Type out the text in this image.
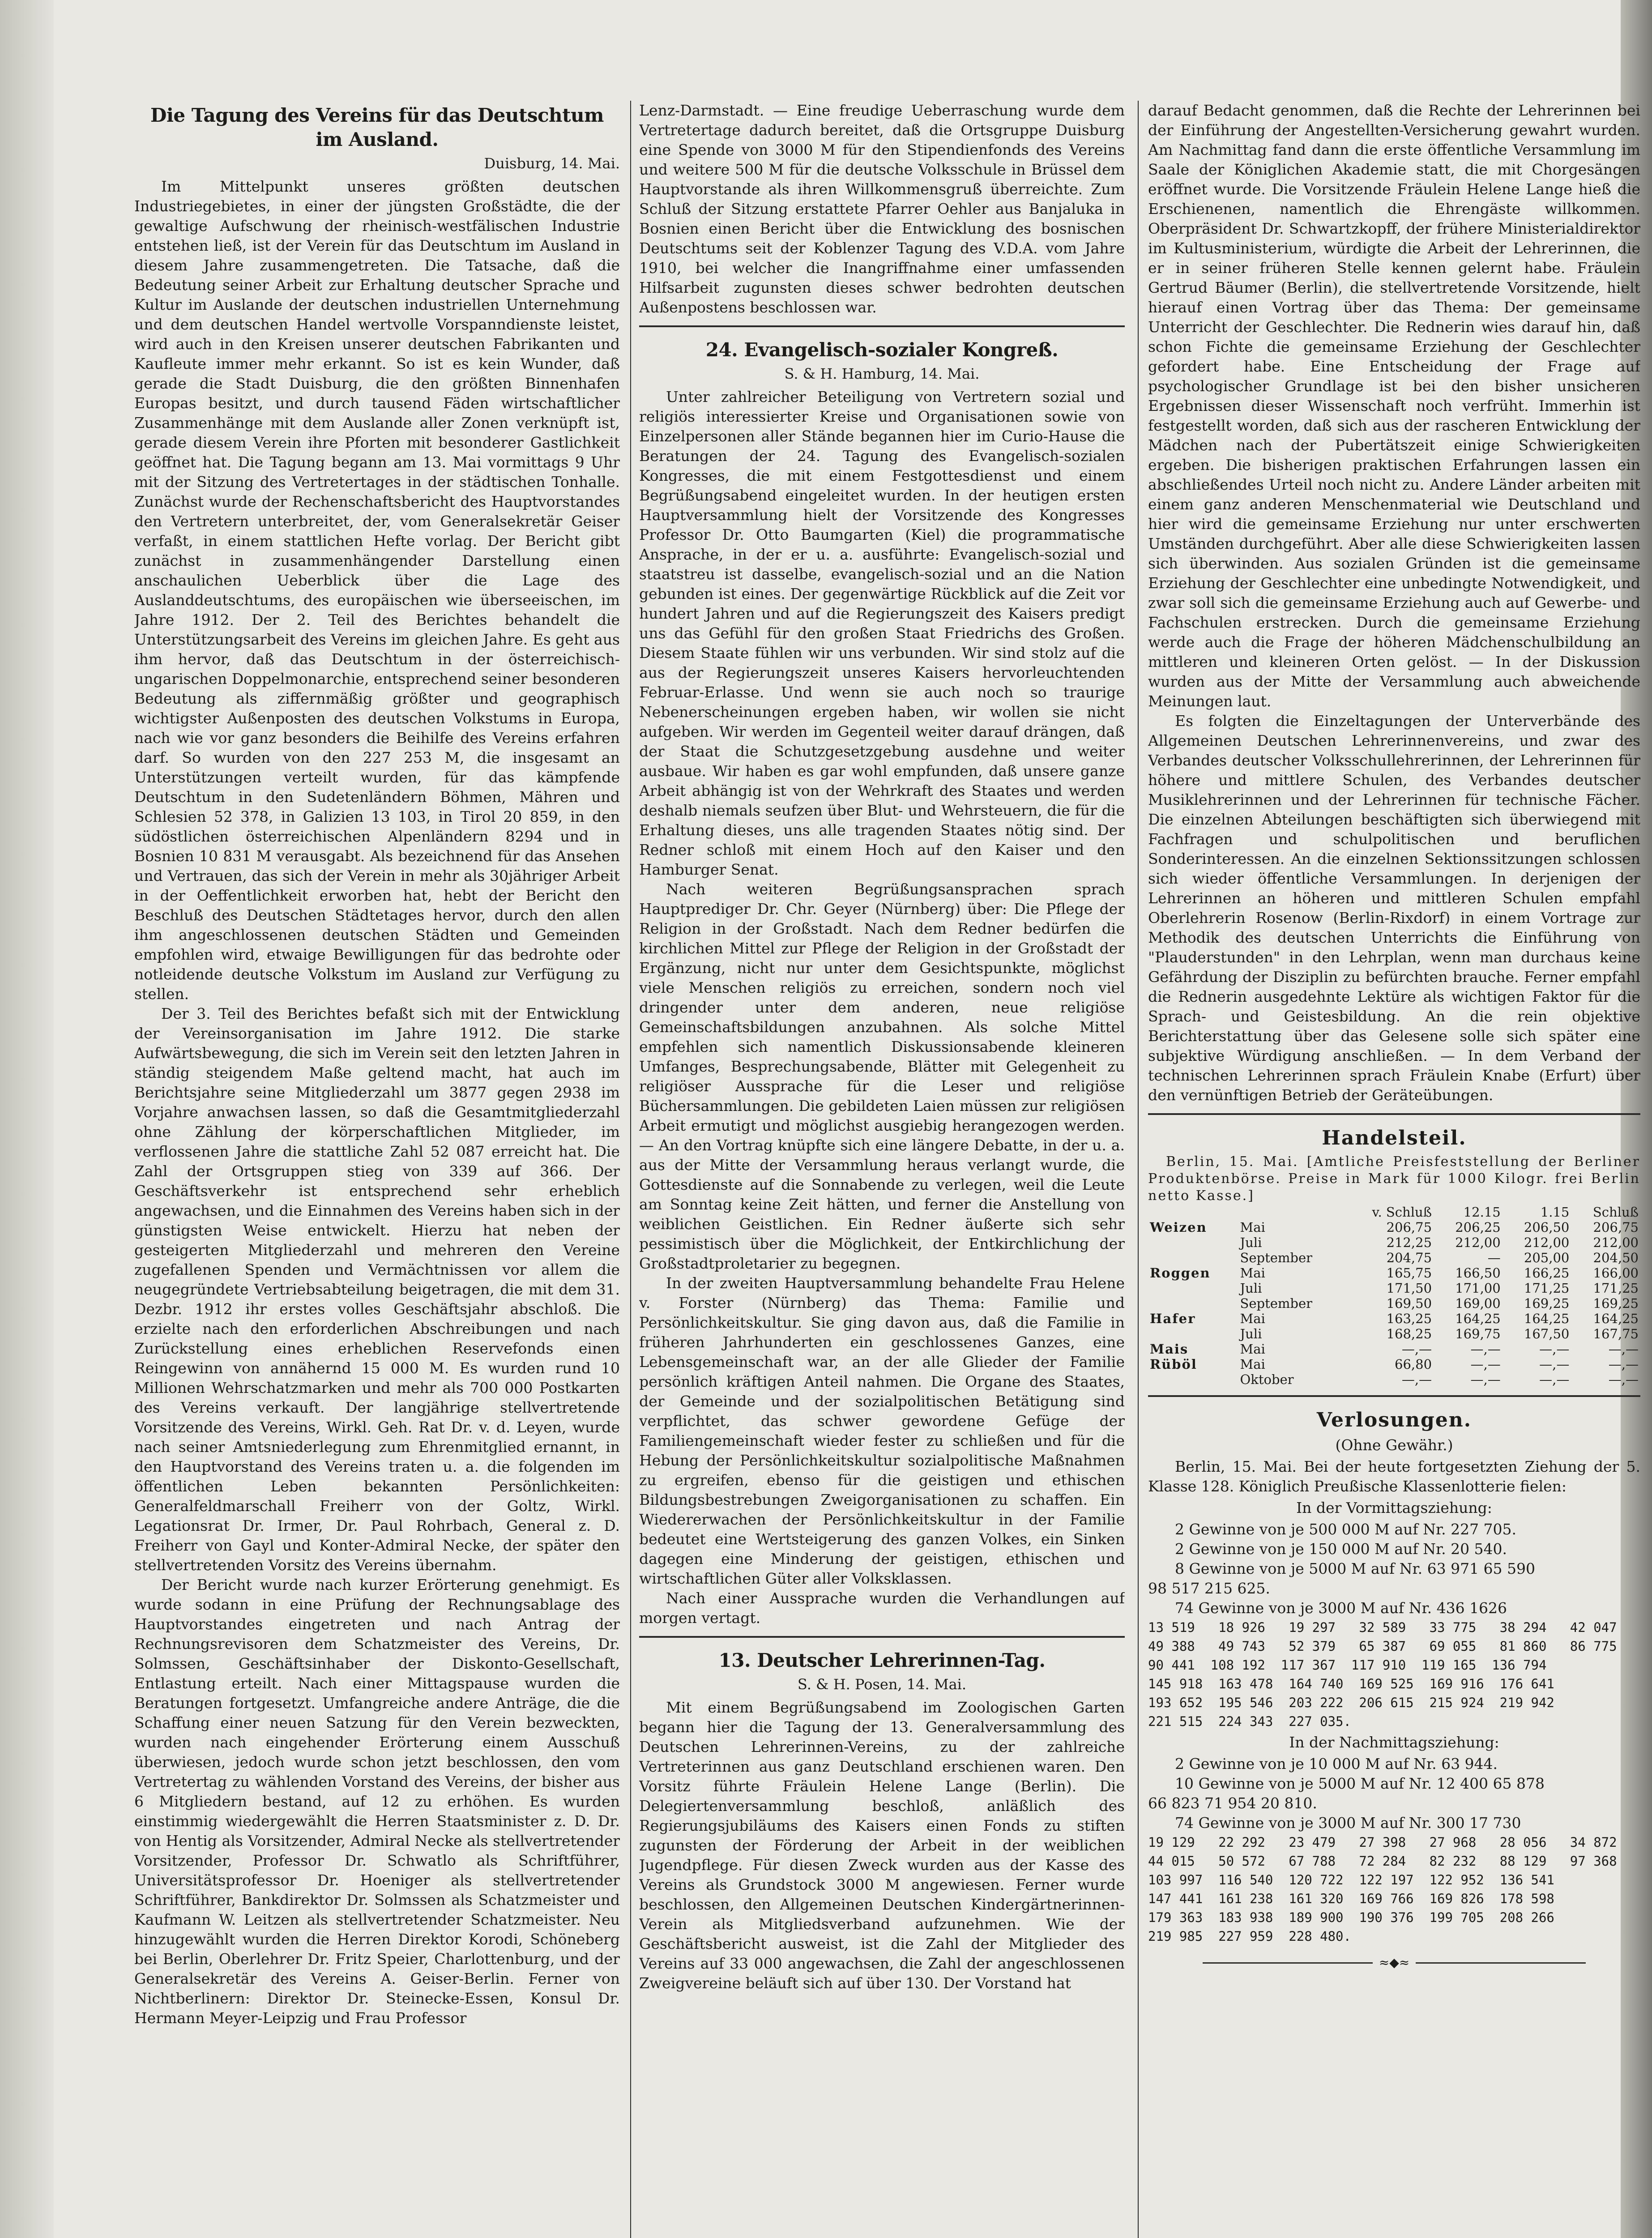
Die Tagung des Vereins für das Deutschtum im Ausland.
Duisburg, 14. Mai.

Im Mittelpunkt unseres größten deutschen Industriegebietes, in einer der jüngsten Großstädte, die der gewaltige Aufschwung der rheinisch-westfälischen Industrie entstehen ließ, ist der Verein für das Deutschtum im Ausland in diesem Jahre zusammengetreten. Die Tatsache, daß die Bedeutung seiner Arbeit zur Erhaltung deutscher Sprache und Kultur im Auslande der deutschen industriellen Unternehmung und dem deutschen Handel wertvolle Vorspanndienste leistet, wird auch in den Kreisen unserer deutschen Fabrikanten und Kaufleute immer mehr erkannt. So ist es kein Wunder, daß gerade die Stadt Duisburg, die den größten Binnenhafen Europas besitzt, und durch tausend Fäden wirtschaftlicher Zusammenhänge mit dem Auslande aller Zonen verknüpft ist, gerade diesem Verein ihre Pforten mit besonderer Gastlichkeit geöffnet hat. Die Tagung begann am 13. Mai vormittags 9 Uhr mit der Sitzung des Vertretertages in der städtischen Tonhalle. Zunächst wurde der Rechenschaftsbericht des Hauptvorstandes den Vertretern unterbreitet, der, vom Generalsekretär Geiser verfaßt, in einem stattlichen Hefte vorlag. Der Bericht gibt zunächst in zusammenhängender Darstellung einen anschaulichen Ueberblick über die Lage des Auslanddeutschtums, des europäischen wie überseeischen, im Jahre 1912. Der 2. Teil des Berichtes behandelt die Unterstützungsarbeit des Vereins im gleichen Jahre. Es geht aus ihm hervor, daß das Deutschtum in der österreichisch-ungarischen Doppelmonarchie, entsprechend seiner besonderen Bedeutung als ziffernmäßig größter und geographisch wichtigster Außenposten des deutschen Volkstums in Europa, nach wie vor ganz besonders die Beihilfe des Vereins erfahren darf. So wurden von den 227 253 M, die insgesamt an Unterstützungen verteilt wurden, für das kämpfende Deutschtum in den Sudetenländern Böhmen, Mähren und Schlesien 52 378, in Galizien 13 103, in Tirol 20 859, in den südöstlichen österreichischen Alpenländern 8294 und in Bosnien 10 831 M verausgabt. Als bezeichnend für das Ansehen und Vertrauen, das sich der Verein in mehr als 30jähriger Arbeit in der Oeffentlichkeit erworben hat, hebt der Bericht den Beschluß des Deutschen Städtetages hervor, durch den allen ihm angeschlossenen deutschen Städten und Gemeinden empfohlen wird, etwaige Bewilligungen für das bedrohte oder notleidende deutsche Volkstum im Ausland zur Verfügung zu stellen.

Der 3. Teil des Berichtes befaßt sich mit der Entwicklung der Vereinsorganisation im Jahre 1912. Die starke Aufwärtsbewegung, die sich im Verein seit den letzten Jahren in ständig steigendem Maße geltend macht, hat auch im Berichtsjahre seine Mitgliederzahl um 3877 gegen 2938 im Vorjahre anwachsen lassen, so daß die Gesamtmitgliederzahl ohne Zählung der körperschaftlichen Mitglieder, im verflossenen Jahre die stattliche Zahl 52 087 erreicht hat. Die Zahl der Ortsgruppen stieg von 339 auf 366. Der Geschäftsverkehr ist entsprechend sehr erheblich angewachsen, und die Einnahmen des Vereins haben sich in der günstigsten Weise entwickelt. Hierzu hat neben der gesteigerten Mitgliederzahl und mehreren den Vereine zugefallenen Spenden und Vermächtnissen vor allem die neugegründete Vertriebsabteilung beigetragen, die mit dem 31. Dezbr. 1912 ihr erstes volles Geschäftsjahr abschloß. Die erzielte nach den erforderlichen Abschreibungen und nach Zurückstellung eines erheblichen Reservefonds einen Reingewinn von annähernd 15 000 M. Es wurden rund 10 Millionen Wehrschatzmarken und mehr als 700 000 Postkarten des Vereins verkauft. Der langjährige stellvertretende Vorsitzende des Vereins, Wirkl. Geh. Rat Dr. v. d. Leyen, wurde nach seiner Amtsniederlegung zum Ehrenmitglied ernannt, in den Hauptvorstand des Vereins traten u. a. die folgenden im öffentlichen Leben bekannten Persönlichkeiten: Generalfeldmarschall Freiherr von der Goltz, Wirkl. Legationsrat Dr. Irmer, Dr. Paul Rohrbach, General z. D. Freiherr von Gayl und Konter-Admiral Necke, der später den stellvertretenden Vorsitz des Vereins übernahm.

Der Bericht wurde nach kurzer Erörterung genehmigt. Es wurde sodann in eine Prüfung der Rechnungsablage des Hauptvorstandes eingetreten und nach Antrag der Rechnungsrevisoren dem Schatzmeister des Vereins, Dr. Solmssen, Geschäftsinhaber der Diskonto-Gesellschaft, Entlastung erteilt. Nach einer Mittagspause wurden die Beratungen fortgesetzt. Umfangreiche andere Anträge, die die Schaffung einer neuen Satzung für den Verein bezweckten, wurden nach eingehender Erörterung einem Ausschuß überwiesen, jedoch wurde schon jetzt beschlossen, den vom Vertretertag zu wählenden Vorstand des Vereins, der bisher aus 6 Mitgliedern bestand, auf 12 zu erhöhen. Es wurden einstimmig wiedergewählt die Herren Staatsminister z. D. Dr. von Hentig als Vorsitzender, Admiral Necke als stellvertretender Vorsitzender, Professor Dr. Schwatlo als Schriftführer, Universitätsprofessor Dr. Hoeniger als stellvertretender Schriftführer, Bankdirektor Dr. Solmssen als Schatzmeister und Kaufmann W. Leitzen als stellvertretender Schatzmeister. Neu hinzugewählt wurden die Herren Direktor Korodi, Schöneberg bei Berlin, Oberlehrer Dr. Fritz Speier, Charlottenburg, und der Generalsekretär des Vereins A. Geiser-Berlin. Ferner von Nichtberlinern: Direktor Dr. Steinecke-Essen, Konsul Dr. Hermann Meyer-Leipzig und Frau Professor

Lenz-Darmstadt. — Eine freudige Ueberraschung wurde dem Vertretertage dadurch bereitet, daß die Ortsgruppe Duisburg eine Spende von 3000 M für den Stipendienfonds des Vereins und weitere 500 M für die deutsche Volksschule in Brüssel dem Hauptvorstande als ihren Willkommensgruß überreichte. Zum Schluß der Sitzung erstattete Pfarrer Oehler aus Banjaluka in Bosnien einen Bericht über die Entwicklung des bosnischen Deutschtums seit der Koblenzer Tagung des V.D.A. vom Jahre 1910, bei welcher die Inangriffnahme einer umfassenden Hilfsarbeit zugunsten dieses schwer bedrohten deutschen Außenpostens beschlossen war.

24. Evangelisch-sozialer Kongreß.
S. & H. Hamburg, 14. Mai.

Unter zahlreicher Beteiligung von Vertretern sozial und religiös interessierter Kreise und Organisationen sowie von Einzelpersonen aller Stände begannen hier im Curio-Hause die Beratungen der 24. Tagung des Evangelisch-sozialen Kongresses, die mit einem Festgottesdienst und einem Begrüßungsabend eingeleitet wurden. In der heutigen ersten Hauptversammlung hielt der Vorsitzende des Kongresses Professor Dr. Otto Baumgarten (Kiel) die programmatische Ansprache, in der er u. a. ausführte: Evangelisch-sozial und staatstreu ist dasselbe, evangelisch-sozial und an die Nation gebunden ist eines. Der gegenwärtige Rückblick auf die Zeit vor hundert Jahren und auf die Regierungszeit des Kaisers predigt uns das Gefühl für den großen Staat Friedrichs des Großen. Diesem Staate fühlen wir uns verbunden. Wir sind stolz auf die aus der Regierungszeit unseres Kaisers hervorleuchtenden Februar-Erlasse. Und wenn sie auch noch so traurige Nebenerscheinungen ergeben haben, wir wollen sie nicht aufgeben. Wir werden im Gegenteil weiter darauf drängen, daß der Staat die Schutzgesetzgebung ausdehne und weiter ausbaue. Wir haben es gar wohl empfunden, daß unsere ganze Arbeit abhängig ist von der Wehrkraft des Staates und werden deshalb niemals seufzen über Blut- und Wehrsteuern, die für die Erhaltung dieses, uns alle tragenden Staates nötig sind. Der Redner schloß mit einem Hoch auf den Kaiser und den Hamburger Senat.

Nach weiteren Begrüßungsansprachen sprach Hauptprediger Dr. Chr. Geyer (Nürnberg) über: Die Pflege der Religion in der Großstadt. Nach dem Redner bedürfen die kirchlichen Mittel zur Pflege der Religion in der Großstadt der Ergänzung, nicht nur unter dem Gesichtspunkte, möglichst viele Menschen religiös zu erreichen, sondern noch viel dringender unter dem anderen, neue religiöse Gemeinschaftsbildungen anzubahnen. Als solche Mittel empfehlen sich namentlich Diskussionsabende kleineren Umfanges, Besprechungsabende, Blätter mit Gelegenheit zu religiöser Aussprache für die Leser und religiöse Büchersammlungen. Die gebildeten Laien müssen zur religiösen Arbeit ermutigt und möglichst ausgiebig herangezogen werden. — An den Vortrag knüpfte sich eine längere Debatte, in der u. a. aus der Mitte der Versammlung heraus verlangt wurde, die Gottesdienste auf die Sonnabende zu verlegen, weil die Leute am Sonntag keine Zeit hätten, und ferner die Anstellung von weiblichen Geistlichen. Ein Redner äußerte sich sehr pessimistisch über die Möglichkeit, der Entkirchlichung der Großstadtproletarier zu begegnen.

In der zweiten Hauptversammlung behandelte Frau Helene v. Forster (Nürnberg) das Thema: Familie und Persönlichkeitskultur. Sie ging davon aus, daß die Familie in früheren Jahrhunderten ein geschlossenes Ganzes, eine Lebensgemeinschaft war, an der alle Glieder der Familie persönlich kräftigen Anteil nahmen. Die Organe des Staates, der Gemeinde und der sozialpolitischen Betätigung sind verpflichtet, das schwer gewordene Gefüge der Familiengemeinschaft wieder fester zu schließen und für die Hebung der Persönlichkeitskultur sozialpolitische Maßnahmen zu ergreifen, ebenso für die geistigen und ethischen Bildungsbestrebungen Zweigorganisationen zu schaffen. Ein Wiedererwachen der Persönlichkeitskultur in der Familie bedeutet eine Wertsteigerung des ganzen Volkes, ein Sinken dagegen eine Minderung der geistigen, ethischen und wirtschaftlichen Güter aller Volksklassen.

Nach einer Aussprache wurden die Verhandlungen auf morgen vertagt.

13. Deutscher Lehrerinnen-Tag.
S. & H. Posen, 14. Mai.

Mit einem Begrüßungsabend im Zoologischen Garten begann hier die Tagung der 13. Generalversammlung des Deutschen Lehrerinnen-Vereins, zu der zahlreiche Vertreterinnen aus ganz Deutschland erschienen waren. Den Vorsitz führte Fräulein Helene Lange (Berlin). Die Delegiertenversammlung beschloß, anläßlich des Regierungsjubiläums des Kaisers einen Fonds zu stiften zugunsten der Förderung der Arbeit in der weiblichen Jugendpflege. Für diesen Zweck wurden aus der Kasse des Vereins als Grundstock 3000 M angewiesen. Ferner wurde beschlossen, den Allgemeinen Deutschen Kindergärtnerinnen-Verein als Mitgliedsverband aufzunehmen. Wie der Geschäftsbericht ausweist, ist die Zahl der Mitglieder des Vereins auf 33 000 angewachsen, die Zahl der angeschlossenen Zweigvereine beläuft sich auf über 130. Der Vorstand hat

darauf Bedacht genommen, daß die Rechte der Lehrerinnen bei der Einführung der Angestellten-Versicherung gewahrt wurden. Am Nachmittag fand dann die erste öffentliche Versammlung im Saale der Königlichen Akademie statt, die mit Chorgesängen eröffnet wurde. Die Vorsitzende Fräulein Helene Lange hieß die Erschienenen, namentlich die Ehrengäste willkommen. Oberpräsident Dr. Schwartzkopff, der frühere Ministerialdirektor im Kultusministerium, würdigte die Arbeit der Lehrerinnen, die er in seiner früheren Stelle kennen gelernt habe. Fräulein Gertrud Bäumer (Berlin), die stellvertretende Vorsitzende, hielt hierauf einen Vortrag über das Thema: Der gemeinsame Unterricht der Geschlechter. Die Rednerin wies darauf hin, daß schon Fichte die gemeinsame Erziehung der Geschlechter gefordert habe. Eine Entscheidung der Frage auf psychologischer Grundlage ist bei den bisher unsicheren Ergebnissen dieser Wissenschaft noch verfrüht. Immerhin ist festgestellt worden, daß sich aus der rascheren Entwicklung der Mädchen nach der Pubertätszeit einige Schwierigkeiten ergeben. Die bisherigen praktischen Erfahrungen lassen ein abschließendes Urteil noch nicht zu. Andere Länder arbeiten mit einem ganz anderen Menschenmaterial wie Deutschland und hier wird die gemeinsame Erziehung nur unter erschwerten Umständen durchgeführt. Aber alle diese Schwierigkeiten lassen sich überwinden. Aus sozialen Gründen ist die gemeinsame Erziehung der Geschlechter eine unbedingte Notwendigkeit, und zwar soll sich die gemeinsame Erziehung auch auf Gewerbe- und Fachschulen erstrecken. Durch die gemeinsame Erziehung werde auch die Frage der höheren Mädchenschulbildung an mittleren und kleineren Orten gelöst. — In der Diskussion wurden aus der Mitte der Versammlung auch abweichende Meinungen laut.

Es folgten die Einzeltagungen der Unterverbände des Allgemeinen Deutschen Lehrerinnenvereins, und zwar des Verbandes deutscher Volksschullehrerinnen, der Lehrerinnen für höhere und mittlere Schulen, des Verbandes deutscher Musiklehrerinnen und der Lehrerinnen für technische Fächer. Die einzelnen Abteilungen beschäftigten sich überwiegend mit Fachfragen und schulpolitischen und beruflichen Sonderinteressen. An die einzelnen Sektionssitzungen schlossen sich wieder öffentliche Versammlungen. In derjenigen der Lehrerinnen an höheren und mittleren Schulen empfahl Oberlehrerin Rosenow (Berlin-Rixdorf) in einem Vortrage zur Methodik des deutschen Unterrichts die Einführung von "Plauderstunden" in den Lehrplan, wenn man durchaus keine Gefährdung der Disziplin zu befürchten brauche. Ferner empfahl die Rednerin ausgedehnte Lektüre als wichtigen Faktor für die Sprach- und Geistesbildung. An die rein objektive Berichterstattung über das Gelesene solle sich später eine subjektive Würdigung anschließen. — In dem Verband der technischen Lehrerinnen sprach Fräulein Knabe (Erfurt) über den vernünftigen Betrieb der Geräteübungen.

Handelsteil.

Berlin, 15. Mai. [Amtliche Preisfeststellung der Berliner Produktenbörse. Preise in Mark für 1000 Kilogr. frei Berlin netto Kasse.]

		v. Schluß	12.15	1.15	Schluß
Weizen	Mai	206,75	206,25	206,50	206,75
	Juli	212,25	212,00	212,00	212,00
	September	204,75	—	205,00	204,50
Roggen	Mai	165,75	166,50	166,25	166,00
	Juli	171,50	171,00	171,25	171,25
	September	169,50	169,00	169,25	169,25
Hafer	Mai	163,25	164,25	164,25	164,25
	Juli	168,25	169,75	167,50	167,75
Mais	Mai	—,—	—,—	—,—	—,—
Rüböl	Mai	66,80	—,—	—,—	—,—
	Oktober	—,—	—,—	—,—	—,—
Verlosungen.
(Ohne Gewähr.)

Berlin, 15. Mai. Bei der heute fortgesetzten Ziehung der 5. Klasse 128. Königlich Preußische Klassenlotterie fielen:

In der Vormittagsziehung:
2 Gewinne von je 500 000 M auf Nr. 227 705.
2 Gewinne von je 150 000 M auf Nr. 20 540.
8 Gewinne von je 5000 M auf Nr. 63 971 65 590
98 517 215 625.
74 Gewinne von je 3000 M auf Nr. 436 1626
13 519   18 926   19 297   32 589   33 775   38 294   42 047
49 388   49 743   52 379   65 387   69 055   81 860   86 775
90 441  108 192  117 367  117 910  119 165  136 794
145 918  163 478  164 740  169 525  169 916  176 641
193 652  195 546  203 222  206 615  215 924  219 942
221 515  224 343  227 035.
In der Nachmittagsziehung:
2 Gewinne von je 10 000 M auf Nr. 63 944.
10 Gewinne von je 5000 M auf Nr. 12 400 65 878
66 823 71 954 20 810.
74 Gewinne von je 3000 M auf Nr. 300 17 730
19 129   22 292   23 479   27 398   27 968   28 056   34 872
44 015   50 572   67 788   72 284   82 232   88 129   97 368
103 997  116 540  120 722  122 197  122 952  136 541
147 441  161 238  161 320  169 766  169 826  178 598
179 363  183 938  189 900  190 376  199 705  208 266
219 985  227 959  228 480.
≈◆≈
